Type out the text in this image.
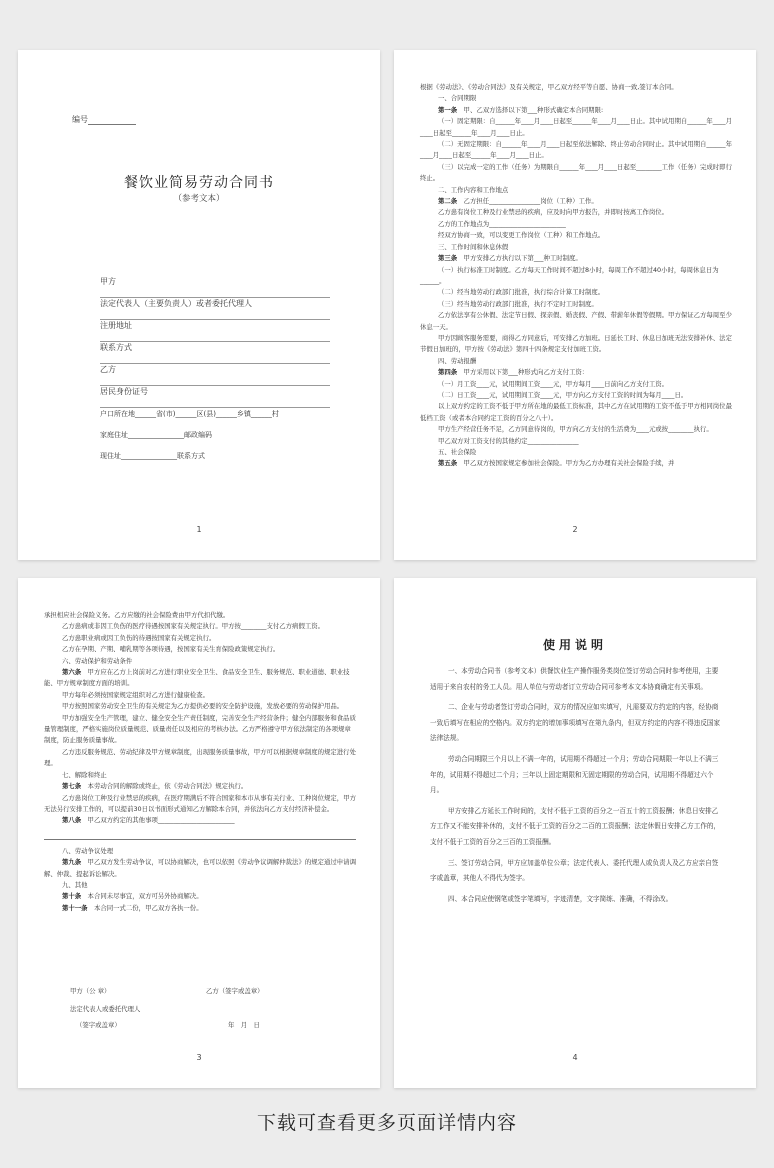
编号
餐饮业简易劳动合同书
（参考文本）
甲方
法定代表人（主要负责人）或者委托代理人
注册地址
联系方式
乙方
居民身份证号
户口所在地______省(市)______区(县)______乡镇______村
家庭住址________________邮政编码
现住址________________联系方式
1

根据《劳动法》、《劳动合同法》及有关规定，甲乙双方经平等自愿、协商一致,签订本合同。

一、合同期限

第一条　甲、乙双方选择以下第___种形式确定本合同期限:

（一）固定期限：自______年____月____日起至______年____月____日止。其中试用期自______年____月____日起至______年____月____日止。

（二）无固定期限：自______年____月____日起至依法解除、终止劳动合同时止。其中试用期自______年____月____日起至______年____月____日止。

（三）以完成一定的工作（任务）为期限自______年____月____日起至________工作（任务）完成时即行终止。

二、工作内容和工作地点

第二条　乙方担任________________岗位（工种）工作。

乙方患有岗位工种及行业禁忌的疾病，应及时向甲方报告，并即时按离工作岗位。

乙方的工作地点为________________________

经双方协商一致，可以变更工作岗位（工种）和工作地点。

三、工作时间和休息休假

第三条　甲方安排乙方执行以下第___种工时制度。

（一）执行标准工时制度。乙方每天工作时间不超过8小时，每周工作不超过40小时，每周休息日为______。

（二）经当地劳动行政部门批准，执行综合计算工时制度。

（三）经当地劳动行政部门批准，执行不定时工时制度。

乙方依法享有公休假、法定节日假、探亲假、婚丧假、产假、带薪年休假等假期。甲方保证乙方每周至少休息一天。

甲方因顾客服务需要，商得乙方同意后，可安排乙方加班。日延长工时、休息日加班无法安排补休、法定节假日加班的，甲方按《劳动法》第四十四条规定支付加班工资。

四、劳动报酬

第四条　甲方采用以下第___种形式向乙方支付工资：

（一）月工资____元，试用期间工资____元，甲方每月____日前向乙方支付工资。

（二）日工资____元，试用期间工资____元，甲方向乙方支付工资的时间为每月____日。

以上双方约定的工资不低于甲方所在地的最低工资标准，其中乙方在试用期的工资不低于甲方相同岗位最低档工资（或者本合同约定工资的百分之八十）。

甲方生产经营任务不足，乙方同意待岗的，甲方向乙方支付的生活费为____元或按________执行。

甲乙双方对工资支付的其他约定________________

五、社会保险

第五条　甲乙双方按国家规定参加社会保险。甲方为乙方办理有关社会保险手续，并

2

承担相应社会保险义务。乙方应缴的社会保险费由甲方代扣代缴。

乙方患病或非因工负伤的医疗待遇按国家有关规定执行。甲方按________支付乙方病假工资。

乙方患职业病或因工负伤的待遇按国家有关规定执行。

乙方在孕期、产期、哺乳期等各项待遇，按国家有关生育保险政策规定执行。

六、劳动保护和劳动条件

第六条　甲方应在乙方上岗前对乙方进行职业安全卫生、食品安全卫生、服务规范、职业道德、职业技能、甲方规章制度方面的培训。

甲方每年必须按国家规定组织对乙方进行健康检查。

甲方按照国家劳动安全卫生的有关规定为乙方提供必要的安全防护设施，发放必要的劳动保护用品。

甲方加强安全生产管理，建立、健全安全生产责任制度，完善安全生产经营条件；健全内部服务和食品质量管理制度，严格实施岗位质量规范、质量责任以及相应的考核办法。乙方严格遵守甲方依法制定的各项规章制度，防止服务质量事故。

乙方违反服务规范、劳动纪律及甲方规章制度，出现服务质量事故，甲方可以根据规章制度的规定进行处理。

七、解除和终止

第七条　本劳动合同的解除或终止，依《劳动合同法》规定执行。

乙方患岗位工种及行业禁忌的疾病，在医疗期满后不符合国家和本市从事有关行业、工种岗位规定，甲方无法另行安排工作的，可以提前30日以书面形式通知乙方解除本合同，并依法向乙方支付经济补偿金。

第八条　甲乙双方约定的其他事项________________________

八、劳动争议处理

第九条　甲乙双方发生劳动争议，可以协商解决，也可以依照《劳动争议调解仲裁法》的规定通过申请调解、仲裁、提起诉讼解决。

九、其他

第十条　本合同未尽事宜，双方可另外协商解决。

第十一条　本合同一式二份，甲乙双方各执一份。

甲方（公 章）	乙方（签字或盖章）
法定代表人或委托代理人
（签字或盖章）	年　月　日
3
使用说明

一、本劳动合同书（参考文本）供餐饮业生产操作服务类岗位签订劳动合同时参考使用，主要适用于来自农村的务工人员。用人单位与劳动者订立劳动合同可参考本文本协商确定有关事项。

二、企业与劳动者签订劳动合同时，双方的情况应如实填写，凡需要双方约定的内容，经协商一致后填写在相应的空格内。双方约定的增加事项填写在第九条内，但双方约定的内容不得违反国家法律法规。

劳动合同期限三个月以上不满一年的，试用期不得超过一个月；劳动合同期限一年以上不满三年的，试用期不得超过二个月；三年以上固定期限和无固定期限的劳动合同，试用期不得超过六个月。

甲方安排乙方延长工作时间的，支付不低于工资的百分之一百五十的工资报酬；休息日安排乙方工作又不能安排补休的，支付不低于工资的百分之二百的工资报酬；法定休假日安排乙方工作的，支付不低于工资的百分之三百的工资报酬。

三、签订劳动合同，甲方应加盖单位公章；法定代表人、委托代理人或负责人及乙方应亲自签字或盖章，其他人不得代为签字。

四、本合同应使钢笔或签字笔填写，字迹清楚，文字简练、准确，不得涂改。

4
下载可查看更多页面详情内容
